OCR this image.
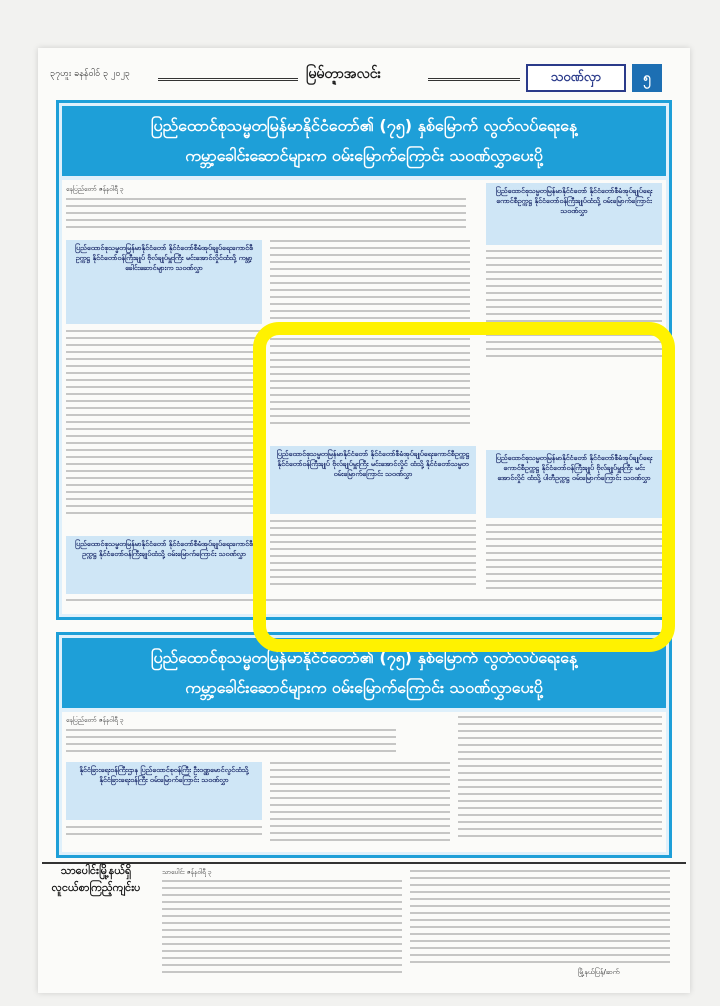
၃၇ဟူး ခနန်ဝါဝ် ၃ ၂၀၂၃	မြမ်တ္ဍာအလင်း	သဝဏ်လှာ	၅
ပြည်ထောင်စုသမ္မတမြန်မာနိုင်ငံတော်၏ (၇၅) နှစ်မြောက် လွတ်လပ်ရေးနေ့
ကမ္ဘာ့ခေါင်းဆောင်များက ဝမ်းမြောက်ကြောင်း သဝဏ်လွှာပေးပို့
နေပြည်တော် ဇန်နဝါရီ ၃
ပြည်ထောင်စုသမ္မတမြန်မာနိုင်ငံတော် နိုင်ငံတော်စီမံအုပ်ချုပ်ရေးကောင်စီဥက္ကဋ္ဌ နိုင်ငံတော်ဝန်ကြီးချုပ် ဗိုလ်ချုပ်မှူးကြီး မင်းအောင်လှိုင်ထံသို့ ကမ္ဘာ့ခေါင်းဆောင်များက သဝဏ်လွှာ
ပြည်ထောင်စုသမ္မတမြန်မာနိုင်ငံတော် နိုင်ငံတော်စီမံအုပ်ချုပ်ရေးကောင်စီဥက္ကဋ္ဌ နိုင်ငံတော်ဝန်ကြီးချုပ်ထံသို့ ဝမ်းမြောက်ကြောင်း သဝဏ်လွှာ
ပြည်ထောင်စုသမ္မတမြန်မာနိုင်ငံတော် နိုင်ငံတော်စီမံအုပ်ချုပ်ရေးကောင်စီဥက္ကဋ္ဌ နိုင်ငံတော်ဝန်ကြီးချုပ် ဗိုလ်ချုပ်မှူးကြီး မင်းအောင်လှိုင် ထံသို့ နိုင်ငံတော်သမ္မတ ဝမ်းမြောက်ကြောင်း သဝဏ်လွှာ
ပြည်ထောင်စုသမ္မတမြန်မာနိုင်ငံတော် နိုင်ငံတော်စီမံအုပ်ချုပ်ရေးကောင်စီဥက္ကဋ္ဌ နိုင်ငံတော်ဝန်ကြီးချုပ် ဗိုလ်ချုပ်မှူးကြီး မင်းအောင်လှိုင် ထံသို့ ပါတီဥက္ကဋ္ဌ ဝမ်းမြောက်ကြောင်း သဝဏ်လွှာ
ပြည်ထောင်စုသမ္မတမြန်မာနိုင်ငံတော် နိုင်ငံတော်စီမံအုပ်ချုပ်ရေးကောင်စီဥက္ကဋ္ဌ နိုင်ငံတော်ဝန်ကြီးချုပ်ထံသို့ ဝမ်းမြောက်ကြောင်း သဝဏ်လွှာ
ပြည်ထောင်စုသမ္မတမြန်မာနိုင်ငံတော်၏ (၇၅) နှစ်မြောက် လွတ်လပ်ရေးနေ့
ကမ္ဘာ့ခေါင်းဆောင်များက ဝမ်းမြောက်ကြောင်း သဝဏ်လွှာပေးပို့
နေပြည်တော် ဇန်နဝါရီ ၃
နိုင်ငံခြားရေးဝန်ကြီးဌာန ပြည်ထောင်စုဝန်ကြီး ဦးဝဏ္ဏမောင်လွင်ထံသို့ နိုင်ငံခြားရေးဝန်ကြီး ဝမ်းမြောက်ကြောင်း သဝဏ်လွှာ
သာပေါင်းမြို့နယ်ရှိ လူငယ်စာကြည့်ကျင်းပ
သာပေါင်း ဇန်နဝါရီ ၃
မြို့နယ်ပြန်/ဆက်
